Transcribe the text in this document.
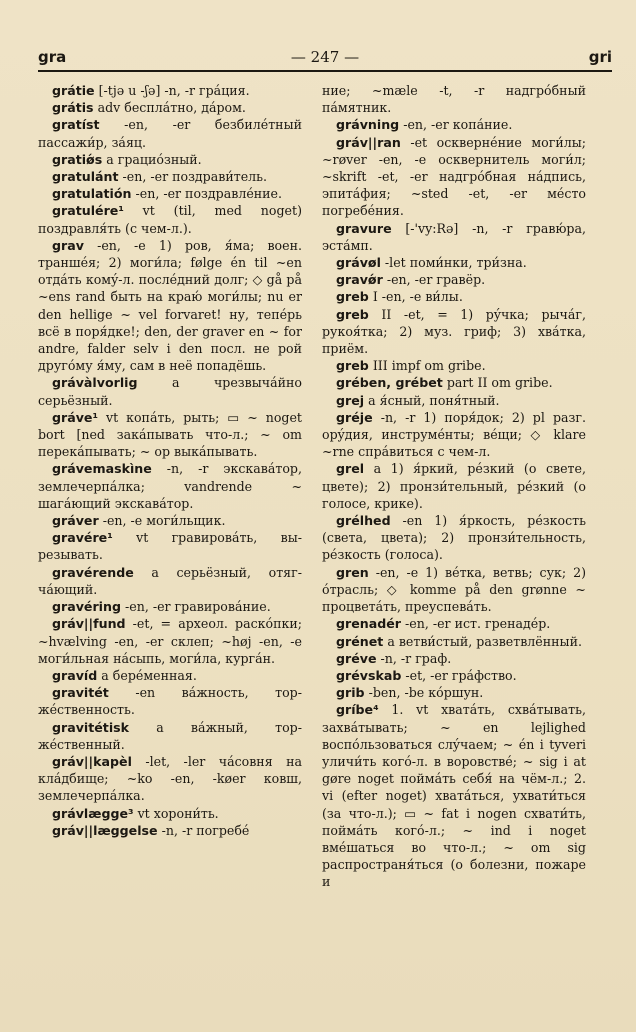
gra	— 247 —	gri

grátie [-tjə u -ʃə] -n, -r грáция.

grátis adv бесплáтно, дáром.

gratíst -en, -er безбилéтный пассажи́р, зáяц.

gratiǿs a грациóзный.

gratulánt -en, -er поздрави́тель.

gratulatión -en, -er поздравлéние.

gratulére¹ vt (til, med noget) поздравля́ть (с чем-л.).

grav -en, -e 1) ров, я́ма; воен. траншéя; 2) моги́ла; følge én til ~en отдáть комý-л. послéдний долг; ◇ gå på ~ens rand быть на краю́ моги́лы; nu er den hellige ~ vel forvaret! ну, тепéрь всё в поря́дке!; den, der graver en ~ for andre, falder selv i den посл. не рой другóму я́му, сам в неё попадёшь.

grávàlvorlig	a чрезвычáйно серьёзный.

gráve¹ vt копáть, рыть; ▭ ~ noget bort [ned закáпывать что-л.; ~ om перекáпывать; ~ op выкáпывать.

grávemaskìne -n, -r экскавáтор, землечерпáлка; vandrende ~ шагáющий экскавáтор.

gráver -en, -e моги́льщик.

gravére¹ vt гравировáть, вырезывать.

gravérende a серьёзный, отягчáющий.

gravéring -en, -er гравировáние.

gráv||fund -et, = археол. раскóпки; ~hvælving -en, -er склеп; ~høj -en, -e моги́льная нáсыпь, моги́ла, кургáн.

gravíd a берéменная.

gravitét -en вáжность, торжéственность.

gravitétisk a вáжный, торжéственный.

gráv||kapèl -let, -ler чáсовня на клáдбище; ~ko -en, -køer ковш, землечерпáлка.

grávlægge³ vt хорони́ть.

gráv||læggelse -n, -r погребé

ние; ~mæle -t, -r надгрóбный пáмятник.

grávning -en, -er копáние.

gráv||ran -et осквернéние моги́лы; ~røver -en, -e осквернитель моги́л; ~skrift -et, -er надгрóбная нáдпись, эпитáфия; ~sted -et, -er мéсто погребéния.

gravure [-'vy:Rə] -n, -r гравю́ра, эстáмп.

grávøl -let поми́нки, три́зна.

gravǿr -en, -er гравёр.

greb I -en, -e ви́лы.

greb II -et, = 1) рýчка; рычáг, рукоя́тка; 2) муз. гриф; 3) хвáтка, приём.

greb III impf om gribe.

grében, grébet part II om gribe.

grej a я́сный, поня́тный.

gréje -n, -r 1) поря́док; 2) pl разг. орýдия, инструмéнты; вéщи; ◇ klare ~rne спрáвиться с чем-л.

grel a 1) я́ркий, рéзкий (о свете, цвете); 2) пронзи́тельный, рéзкий (о голосе, крике).

grélhed -en 1) я́ркость, рéзкость (света, цвета); 2) пронзи́тельность, рéзкость (голоса).

gren -en, -e 1) вéтка, ветвь; сук; 2) óтрасль; ◇ komme på den grønne ~ процветáть, преуспевáть.

grenadér -en, -er ист. гренадéр.

grénet a ветви́стый, разветвлённый.

gréve -n, -r граф.

grévskab -et, -er грáфство.

grib -ben, -be кóршун.

gríbe⁴ 1. vt хватáть, схвáтывать, захвáтывать; ~ en lejlighed воспóльзоваться слýчаем; ~ én i tyveri уличи́ть когó-л. в воровствé; ~ sig i at gøre noget поймáть себя́ на чём-л.; 2. vi (efter noget) хватáться, ухвати́ться (за что-л.); ▭ ~ fat i nogen схвати́ть, поймáть когó-л.; ~ ind i noget вмéшаться во что-л.; ~ om sig распространя́ться (о болезни, пожаре и
